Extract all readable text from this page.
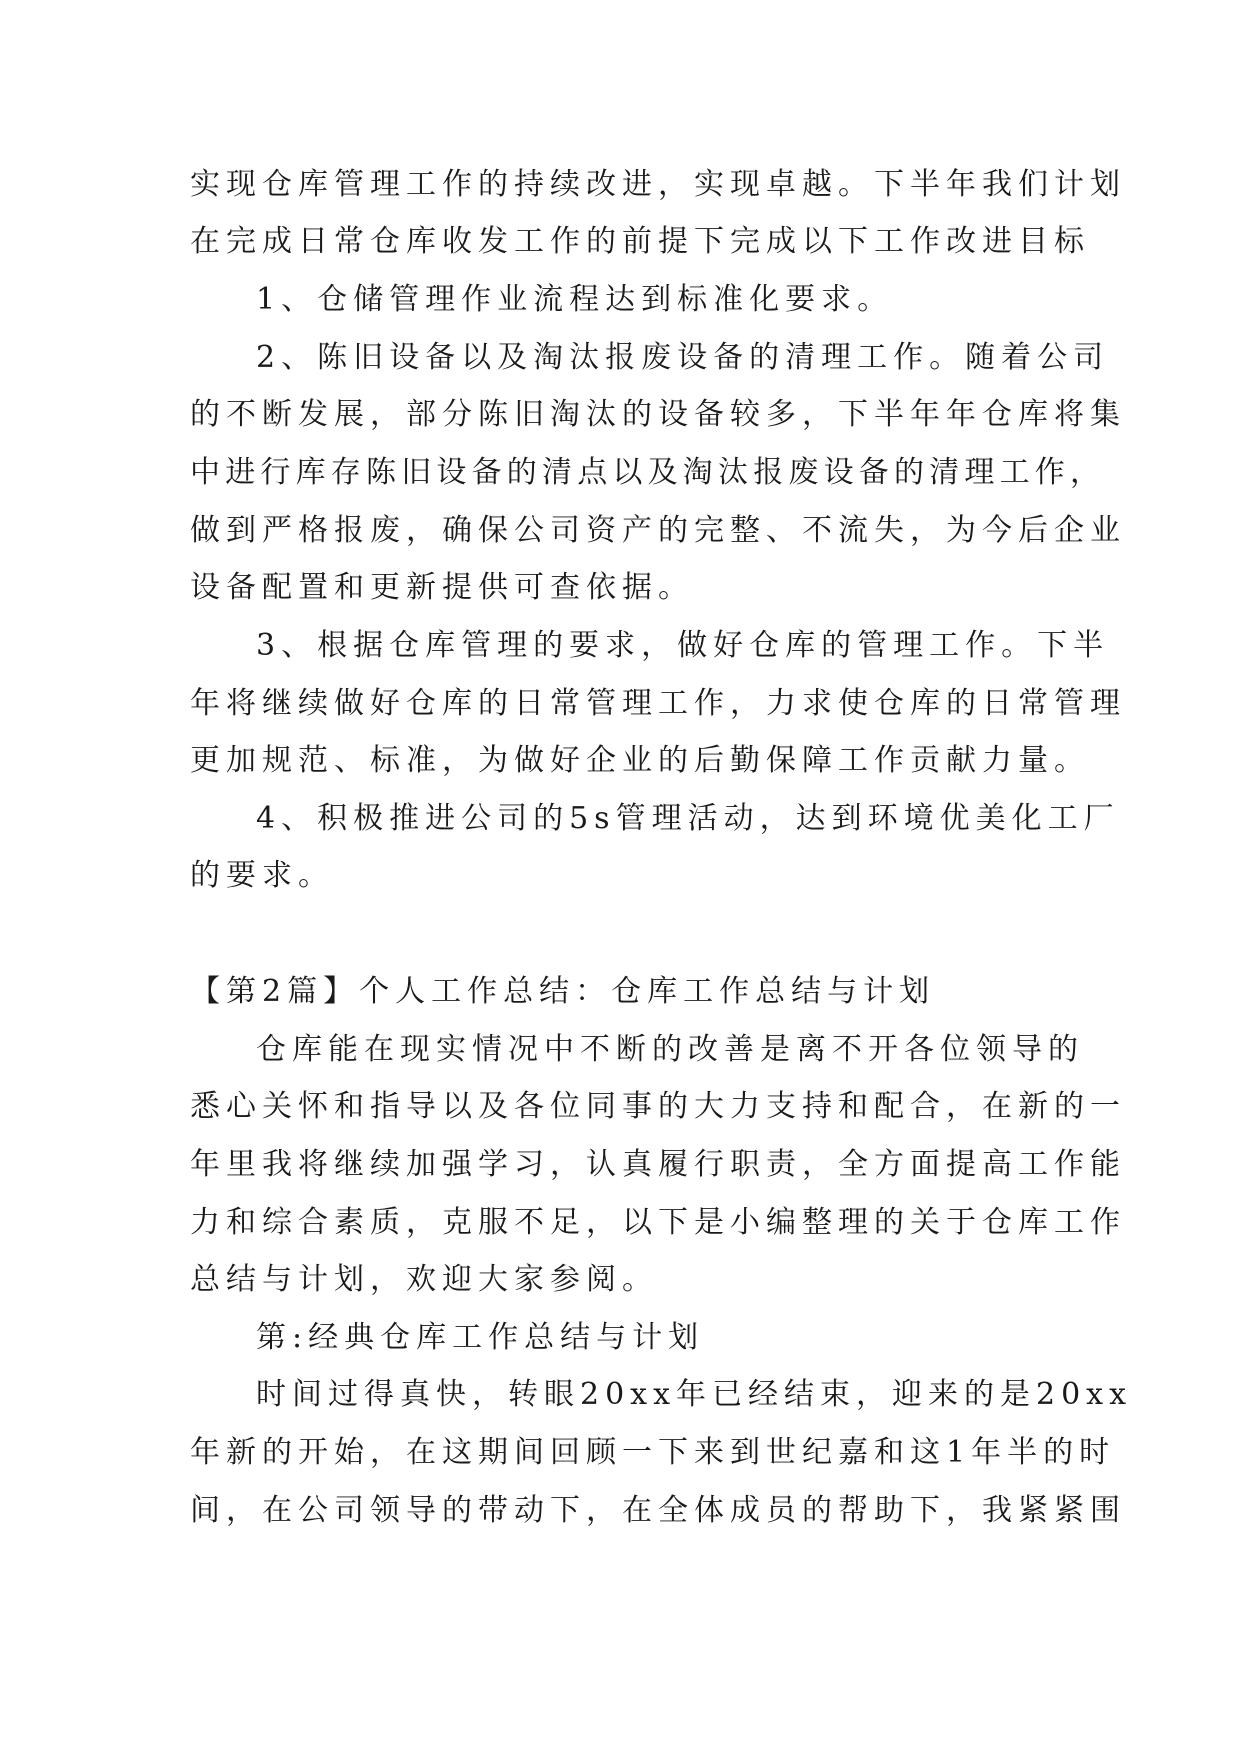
实现仓库管理工作的持续改进，实现卓越。下半年我们计划
在完成日常仓库收发工作的前提下完成以下工作改进目标
1、仓储管理作业流程达到标准化要求。
2、陈旧设备以及淘汰报废设备的清理工作。随着公司
的不断发展，部分陈旧淘汰的设备较多，下半年年仓库将集
中进行库存陈旧设备的清点以及淘汰报废设备的清理工作，
做到严格报废，确保公司资产的完整、不流失，为今后企业
设备配置和更新提供可查依据。
3、根据仓库管理的要求，做好仓库的管理工作。下半
年将继续做好仓库的日常管理工作，力求使仓库的日常管理
更加规范、标准，为做好企业的后勤保障工作贡献力量。
4、积极推进公司的5s管理活动，达到环境优美化工厂
的要求。
【第2篇】个人工作总结：仓库工作总结与计划
仓库能在现实情况中不断的改善是离不开各位领导的
悉心关怀和指导以及各位同事的大力支持和配合，在新的一
年里我将继续加强学习，认真履行职责，全方面提高工作能
力和综合素质，克服不足，以下是小编整理的关于仓库工作
总结与计划，欢迎大家参阅。
第:经典仓库工作总结与计划
时间过得真快，转眼20xx年已经结束，迎来的是20xx
年新的开始，在这期间回顾一下来到世纪嘉和这1年半的时
间，在公司领导的带动下，在全体成员的帮助下，我紧紧围
